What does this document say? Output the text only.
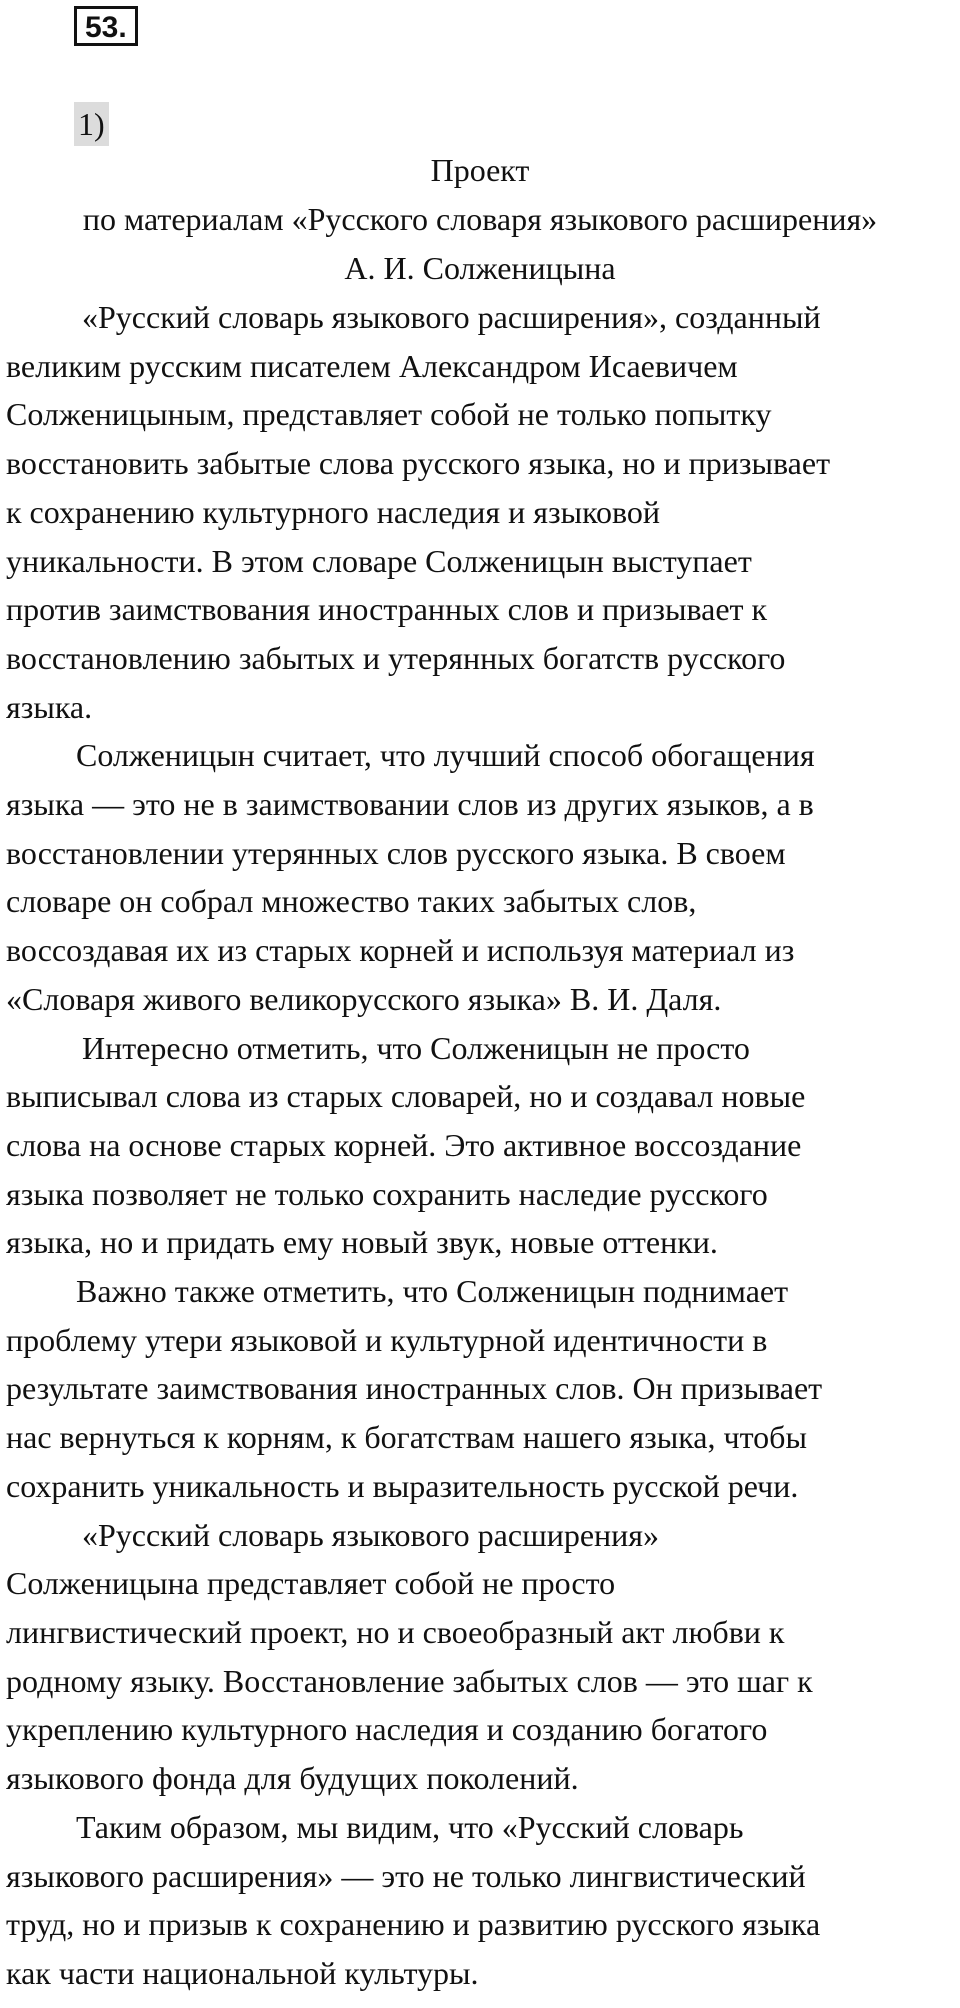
53.
1)
Проект
по материалам «Русского словаря языкового расширения»
А. И. Солженицына
«Русский словарь языкового расширения», созданный
великим русским писателем Александром Исаевичем
Солженицыным, представляет собой не только попытку
восстановить забытые слова русского языка, но и призывает
к сохранению культурного наследия и языковой
уникальности. В этом словаре Солженицын выступает
против заимствования иностранных слов и призывает к
восстановлению забытых и утерянных богатств русского
языка.
Солженицын считает, что лучший способ обогащения
языка — это не в заимствовании слов из других языков, а в
восстановлении утерянных слов русского языка. В своем
словаре он собрал множество таких забытых слов,
воссоздавая их из старых корней и используя материал из
«Словаря живого великорусского языка» В. И. Даля.
Интересно отметить, что Солженицын не просто
выписывал слова из старых словарей, но и создавал новые
слова на основе старых корней. Это активное воссоздание
языка позволяет не только сохранить наследие русского
языка, но и придать ему новый звук, новые оттенки.
Важно также отметить, что Солженицын поднимает
проблему утери языковой и культурной идентичности в
результате заимствования иностранных слов. Он призывает
нас вернуться к корням, к богатствам нашего языка, чтобы
сохранить уникальность и выразительность русской речи.
«Русский словарь языкового расширения»
Солженицына представляет собой не просто
лингвистический проект, но и своеобразный акт любви к
родному языку. Восстановление забытых слов — это шаг к
укреплению культурного наследия и созданию богатого
языкового фонда для будущих поколений.
Таким образом, мы видим, что «Русский словарь
языкового расширения» — это не только лингвистический
труд, но и призыв к сохранению и развитию русского языка
как части национальной культуры.
